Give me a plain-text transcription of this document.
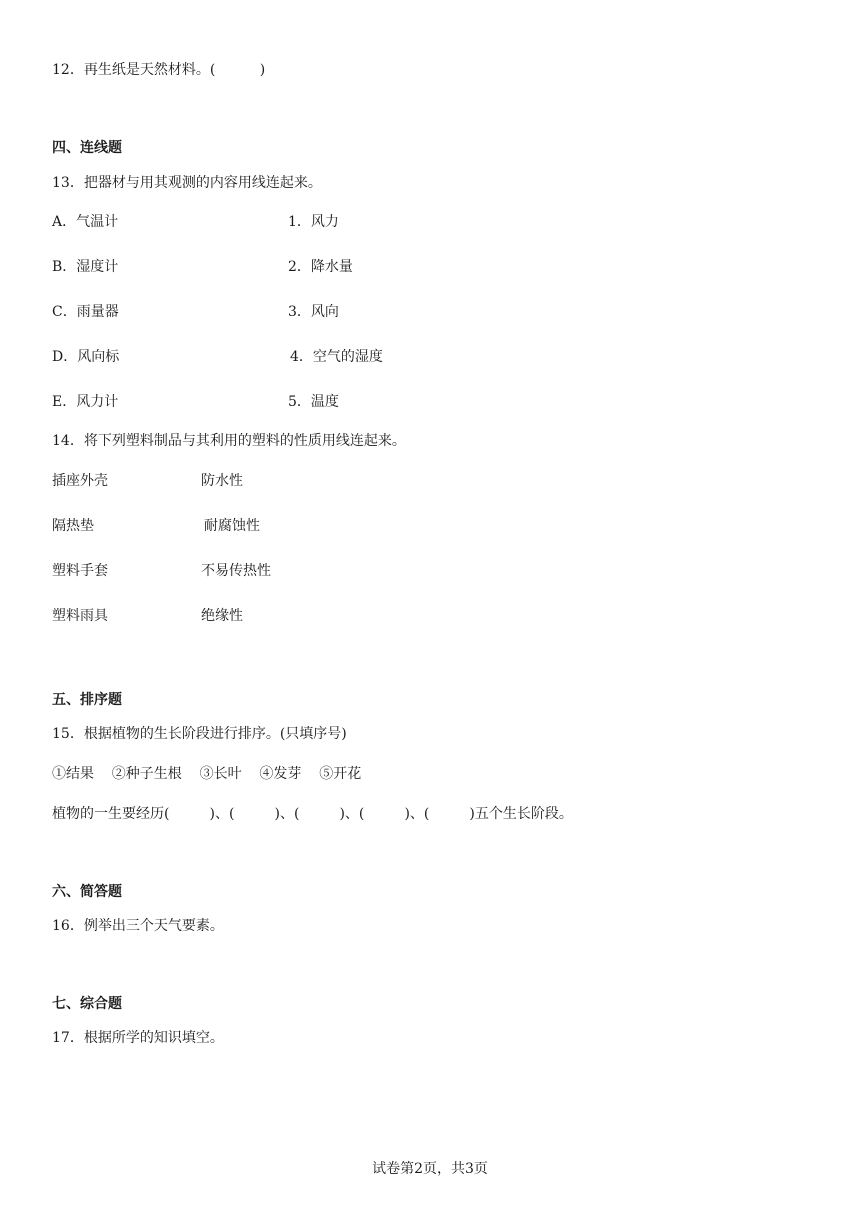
12．再生纸是天然材料。(          )
四、连线题
13．把器材与用其观测的内容用线连起来。
A．气温计
B．湿度计
C．雨量器
D．风向标
E．风力计
1．风力
2．降水量
3．风向
4．空气的湿度
5．温度
14．将下列塑料制品与其利用的塑料的性质用线连起来。
插座外壳
隔热垫
塑料手套
塑料雨具
防水性
耐腐蚀性
不易传热性
绝缘性
五、排序题
15．根据植物的生长阶段进行排序。(只填序号)
①结果    ②种子生根    ③长叶    ④发芽    ⑤开花
植物的一生要经历(         )、(         )、(         )、(         )、(         )五个生长阶段。
六、简答题
16．例举出三个天气要素。
七、综合题
17．根据所学的知识填空。
试卷第2页，共3页
